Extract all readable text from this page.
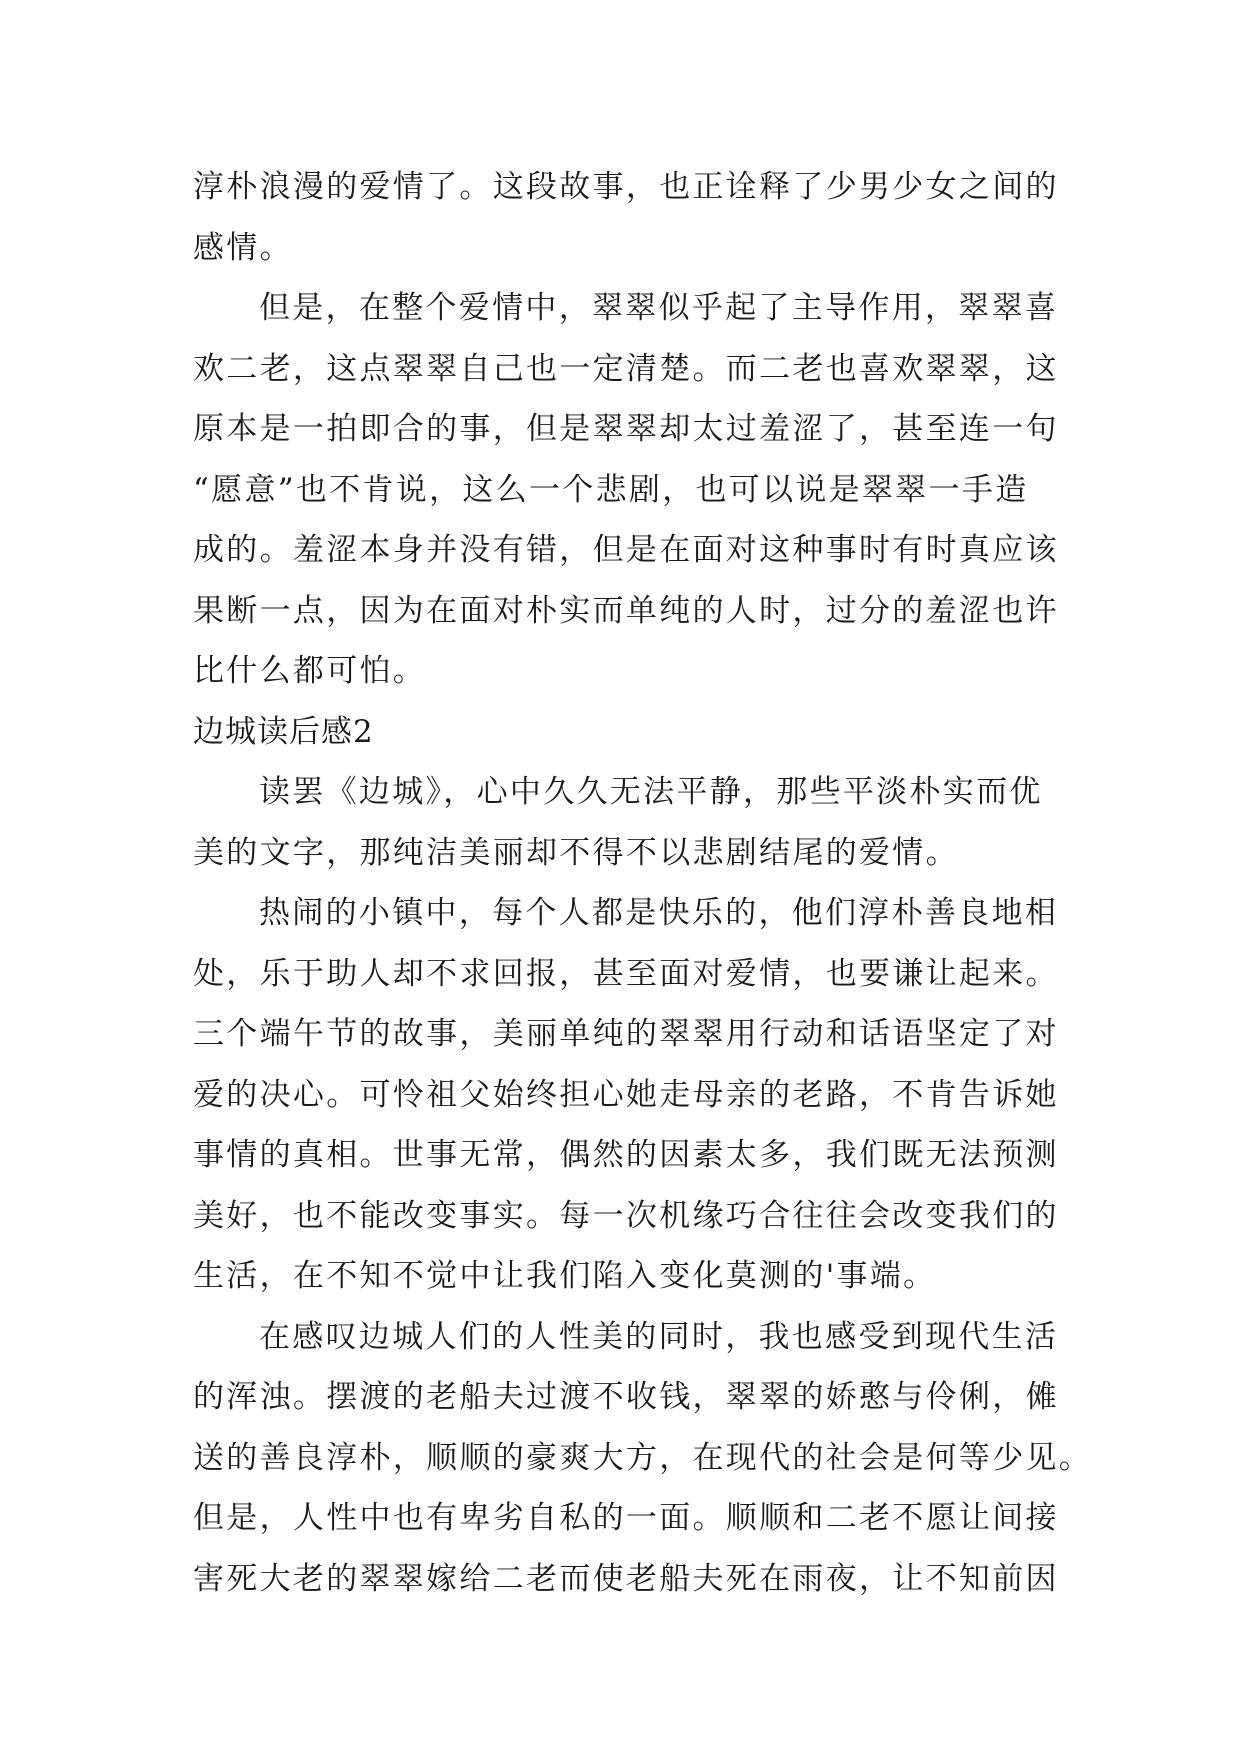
淳朴浪漫的爱情了。这段故事，也正诠释了少男少女之间的
感情。
但是，在整个爱情中，翠翠似乎起了主导作用，翠翠喜
欢二老，这点翠翠自己也一定清楚。而二老也喜欢翠翠，这
原本是一拍即合的事，但是翠翠却太过羞涩了，甚至连一句
“愿意”也不肯说，这么一个悲剧，也可以说是翠翠一手造
成的。羞涩本身并没有错，但是在面对这种事时有时真应该
果断一点，因为在面对朴实而单纯的人时，过分的羞涩也许
比什么都可怕。
边城读后感2
读罢《边城》，心中久久无法平静，那些平淡朴实而优
美的文字，那纯洁美丽却不得不以悲剧结尾的爱情。
热闹的小镇中，每个人都是快乐的，他们淳朴善良地相
处，乐于助人却不求回报，甚至面对爱情，也要谦让起来。
三个端午节的故事，美丽单纯的翠翠用行动和话语坚定了对
爱的决心。可怜祖父始终担心她走母亲的老路，不肯告诉她
事情的真相。世事无常，偶然的因素太多，我们既无法预测
美好，也不能改变事实。每一次机缘巧合往往会改变我们的
生活，在不知不觉中让我们陷入变化莫测的'事端。
在感叹边城人们的人性美的同时，我也感受到现代生活
的浑浊。摆渡的老船夫过渡不收钱，翠翠的娇憨与伶俐，傩
送的善良淳朴，顺顺的豪爽大方，在现代的社会是何等少见。
但是，人性中也有卑劣自私的一面。顺顺和二老不愿让间接
害死大老的翠翠嫁给二老而使老船夫死在雨夜，让不知前因
